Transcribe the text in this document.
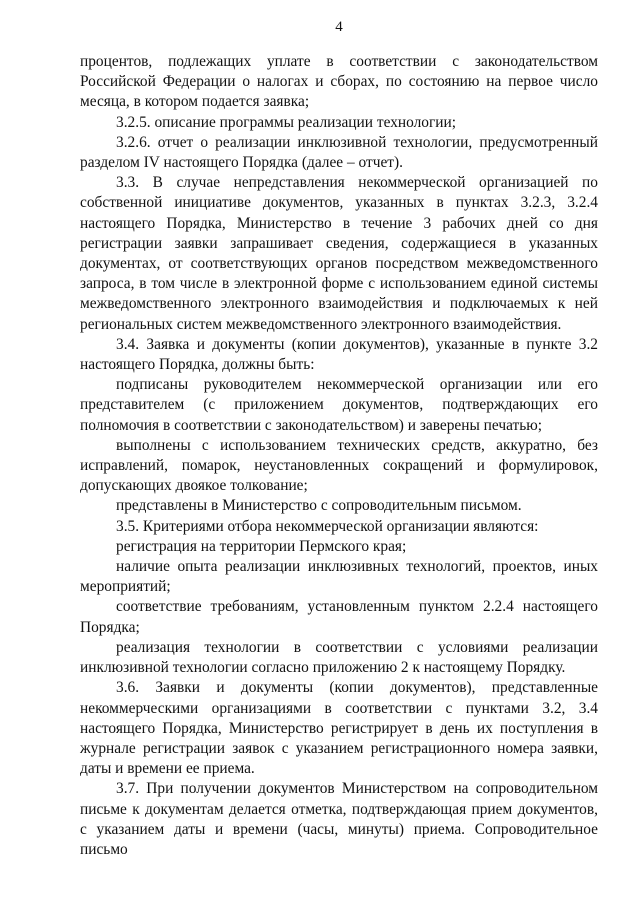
4

процентов, подлежащих уплате в соответствии с законодательством Российской Федерации о налогах и сборах, по состоянию на первое число месяца, в котором подается заявка;

3.2.5. описание программы реализации технологии;

3.2.6. отчет о реализации инклюзивной технологии, предусмотренный разделом IV настоящего Порядка (далее – отчет).

3.3. В случае непредставления некоммерческой организацией по собственной инициативе документов, указанных в пунктах 3.2.3, 3.2.4 настоящего Порядка, Министерство в течение 3 рабочих дней со дня регистрации заявки запрашивает сведения, содержащиеся в указанных документах, от соответствующих органов посредством межведомственного запроса, в том числе в электронной форме с использованием единой системы межведомственного электронного взаимодействия и подключаемых к ней региональных систем межведомственного электронного взаимодействия.

3.4. Заявка и документы (копии документов), указанные в пункте 3.2 настоящего Порядка, должны быть:

подписаны руководителем некоммерческой организации или его представителем (с приложением документов, подтверждающих его полномочия в соответствии с законодательством) и заверены печатью;

выполнены с использованием технических средств, аккуратно, без исправлений, помарок, неустановленных сокращений и формулировок, допускающих двоякое толкование;

представлены в Министерство с сопроводительным письмом.

3.5. Критериями отбора некоммерческой организации являются:

регистрация на территории Пермского края;

наличие опыта реализации инклюзивных технологий, проектов, иных мероприятий;

соответствие требованиям, установленным пунктом 2.2.4 настоящего Порядка;

реализация технологии в соответствии с условиями реализации инклюзивной технологии согласно приложению 2 к настоящему Порядку.

3.6. Заявки и документы (копии документов), представленные некоммерческими организациями в соответствии с пунктами 3.2, 3.4 настоящего Порядка, Министерство регистрирует в день их поступления в журнале регистрации заявок с указанием регистрационного номера заявки, даты и времени ее приема.

3.7. При получении документов Министерством на сопроводительном письме к документам делается отметка, подтверждающая прием документов, с указанием даты и времени (часы, минуты) приема. Сопроводительное письмо
